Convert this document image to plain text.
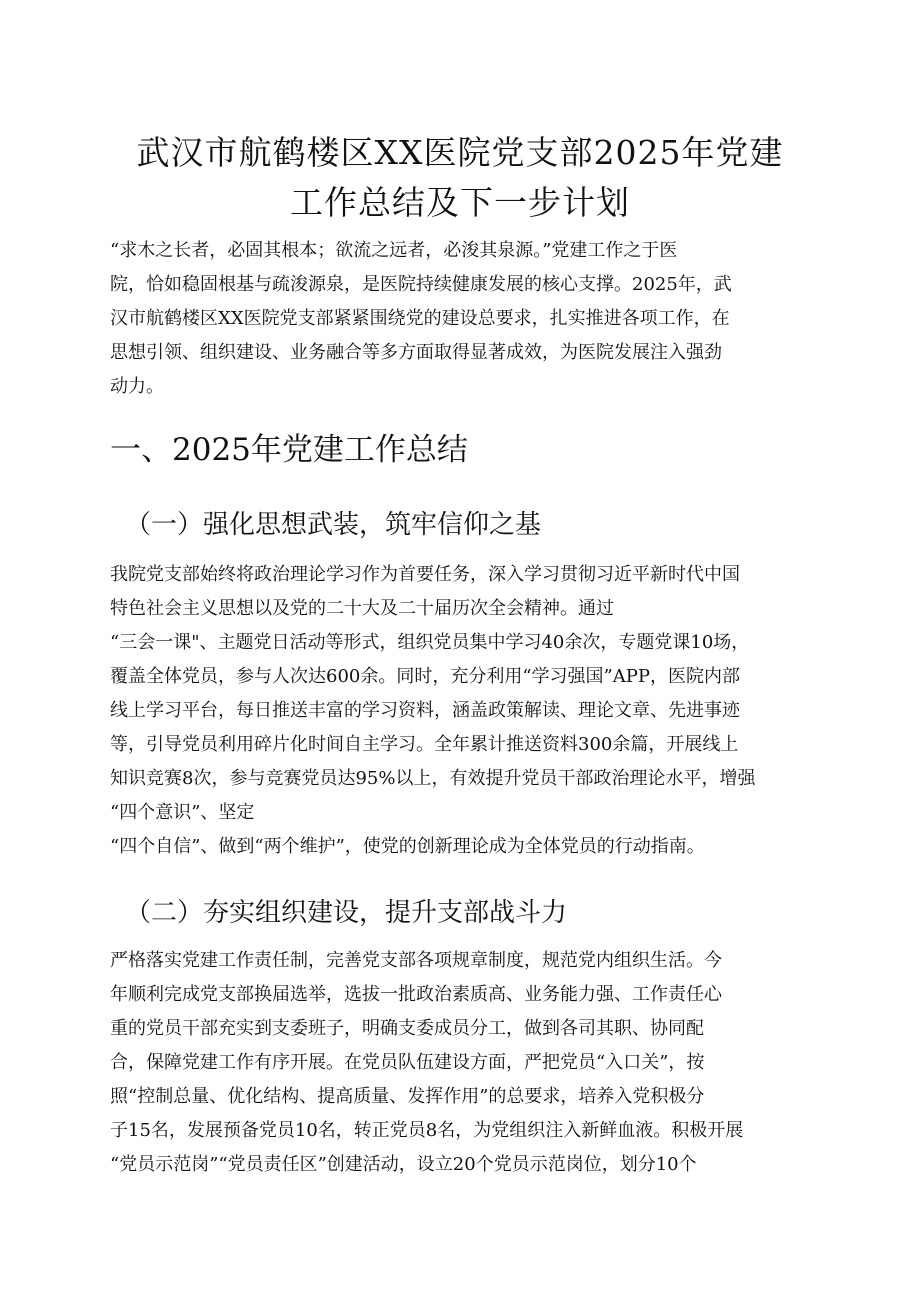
武汉市航鹤楼区XX医院党支部2025年党建
工作总结及下一步计划

“求木之长者，必固其根本；欲流之远者，必浚其泉源。”党建工作之于医
院，恰如稳固根基与疏浚源泉，是医院持续健康发展的核心支撑。2025年，武
汉市航鹤楼区XX医院党支部紧紧围绕党的建设总要求，扎实推进各项工作，在
思想引领、组织建设、业务融合等多方面取得显著成效，为医院发展注入强劲
动力。

一、2025年党建工作总结
（一）强化思想武装，筑牢信仰之基

我院党支部始终将政治理论学习作为首要任务，深入学习贯彻习近平新时代中国
特色社会主义思想以及党的二十大及二十届历次全会精神。通过
“三会一课"、主题党日活动等形式，组织党员集中学习40余次，专题党课10场，
覆盖全体党员，参与人次达600余。同时，充分利用“学习强国”APP，医院内部
线上学习平台，每日推送丰富的学习资料，涵盖政策解读、理论文章、先进事迹
等，引导党员利用碎片化时间自主学习。全年累计推送资料300余篇，开展线上
知识竞赛8次，参与竞赛党员达95%以上，有效提升党员干部政治理论水平，增强
“四个意识”、坚定
“四个自信”、做到“两个维护”，使党的创新理论成为全体党员的行动指南。

（二）夯实组织建设，提升支部战斗力

严格落实党建工作责任制，完善党支部各项规章制度，规范党内组织生活。今
年顺利完成党支部换届选举，选拔一批政治素质高、业务能力强、工作责任心
重的党员干部充实到支委班子，明确支委成员分工，做到各司其职、协同配
合，保障党建工作有序开展。在党员队伍建设方面，严把党员“入口关”，按
照“控制总量、优化结构、提高质量、发挥作用”的总要求，培养入党积极分
子15名，发展预备党员10名，转正党员8名，为党组织注入新鲜血液。积极开展
“党员示范岗”“党员责任区”创建活动，设立20个党员示范岗位，划分10个
